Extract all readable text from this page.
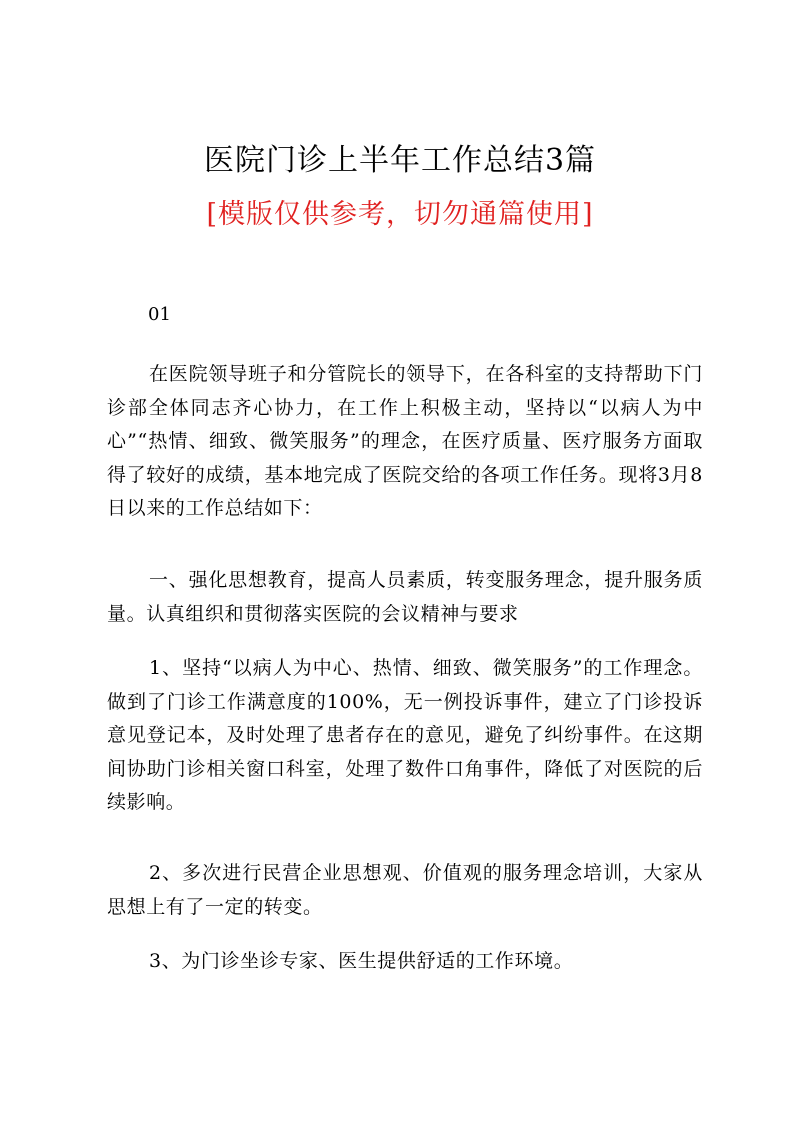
医院门诊上半年工作总结3篇
[模版仅供参考，切勿通篇使用]
01

在医院领导班子和分管院长的领导下，在各科室的支持帮助下门诊部全体同志齐心协力，在工作上积极主动，坚持以“以病人为中心”“热情、细致、微笑服务”的理念，在医疗质量、医疗服务方面取得了较好的成绩，基本地完成了医院交给的各项工作任务。现将3月8日以来的工作总结如下：

一、强化思想教育，提高人员素质，转变服务理念，提升服务质量。认真组织和贯彻落实医院的会议精神与要求

1、坚持“以病人为中心、热情、细致、微笑服务”的工作理念。做到了门诊工作满意度的100%，无一例投诉事件，建立了门诊投诉意见登记本，及时处理了患者存在的意见，避免了纠纷事件。在这期间协助门诊相关窗口科室，处理了数件口角事件，降低了对医院的后续影响。

2、多次进行民营企业思想观、价值观的服务理念培训，大家从思想上有了一定的转变。

3、为门诊坐诊专家、医生提供舒适的工作环境。
